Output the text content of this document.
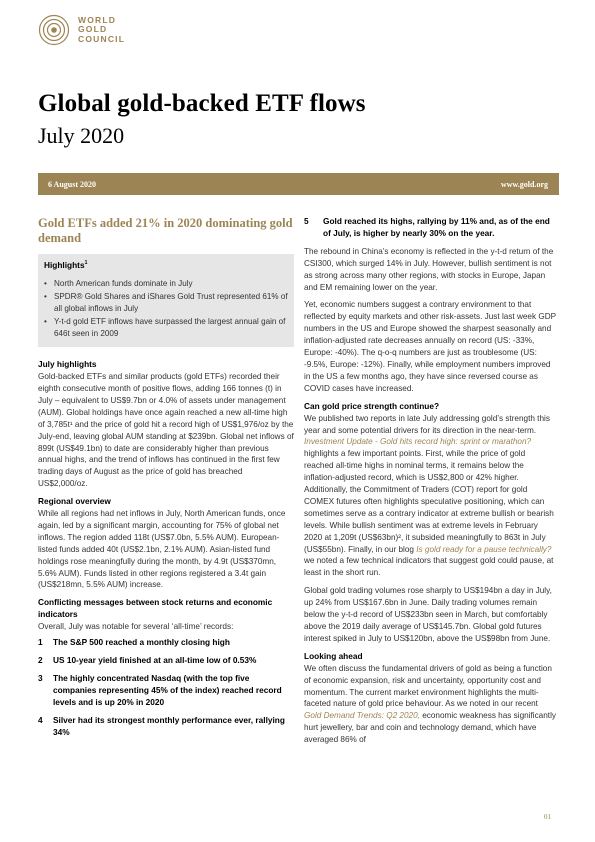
WORLD
GOLD
COUNCIL
Global gold-backed ETF flows
July 2020
6 August 2020	www.gold.org
Gold ETFs added 21% in 2020 dominating gold demand
Highlights$^1$
• North American funds dominate in July
• SPDR® Gold Shares and iShares Gold Trust represented 61% of all global inflows in July
• Y-t-d gold ETF inflows have surpassed the largest annual gain of 646t seen in 2009
July highlights

Gold-backed ETFs and similar products (gold ETFs) recorded their eighth consecutive month of positive flows, adding 166 tonnes (t) in July – equivalent to US$9.7bn or 4.0% of assets under management (AUM). Global holdings have once again reached a new all-time high of 3,785t¹ and the price of gold hit a record high of US$1,976/oz by the July-end, leaving global AUM standing at $239bn. Global net inflows of 899t (US$49.1bn) to date are considerably higher than previous annual highs, and the trend of inflows has continued in the first few trading days of August as the price of gold has breached US$2,000/oz.

Regional overview

While all regions had net inflows in July, North American funds, once again, led by a significant margin, accounting for 75% of global net inflows. The region added 118t (US$7.0bn, 5.5% AUM). European-listed funds added 40t (US$2.1bn, 2.1% AUM). Asian-listed fund holdings rose meaningfully during the month, by 4.9t (US$370mn, 5.6% AUM). Funds listed in other regions registered a 3.4t gain (US$218mn, 5.5% AUM) increase.

Conflicting messages between stock returns and economic indicators

Overall, July was notable for several ‘all-time’ records:

1 The S&P 500 reached a monthly closing high
2 US 10-year yield finished at an all-time low of 0.53%
3 The highly concentrated Nasdaq (with the top five companies representing 45% of the index) reached record levels and is up 20% in 2020
4 Silver had its strongest monthly performance ever, rallying 34%
5 Gold reached its highs, rallying by 11% and, as of the end of July, is higher by nearly 30% on the year.

The rebound in China’s economy is reflected in the y-t-d return of the CSI300, which surged 14% in July. However, bullish sentiment is not as strong across many other regions, with stocks in Europe, Japan and EM remaining lower on the year.

Yet, economic numbers suggest a contrary environment to that reflected by equity markets and other risk-assets. Just last week GDP numbers in the US and Europe showed the sharpest seasonally and inflation-adjusted rate decreases annually on record (US: -33%, Europe: -40%). The q-o-q numbers are just as troublesome (US: -9.5%, Europe: -12%). Finally, while employment numbers improved in the US a few months ago, they have since reversed course as COVID cases have increased.

Can gold price strength continue?

We published two reports in late July addressing gold’s strength this year and some potential drivers for its direction in the near-term. Investment Update - Gold hits record high: sprint or marathon? highlights a few important points. First, while the price of gold reached all-time highs in nominal terms, it remains below the inflation-adjusted record, which is US$2,800 or 42% higher. Additionally, the Commitment of Traders (COT) report for gold COMEX futures often highlights speculative positioning, which can sometimes serve as a contrary indicator at extreme bullish or bearish levels. While bullish sentiment was at extreme levels in February 2020 at 1,209t (US$63bn)², it subsided meaningfully to 863t in July (US$55bn). Finally, in our blog Is gold ready for a pause technically? we noted a few technical indicators that suggest gold could pause, at least in the short run.

Global gold trading volumes rose sharply to US$194bn a day in July, up 24% from US$167.6bn in June. Daily trading volumes remain below the y-t-d record of US$233bn seen in March, but comfortably above the 2019 daily average of US$145.7bn. Global gold futures interest spiked in July to US$120bn, above the US$98bn from June.

Looking ahead

We often discuss the fundamental drivers of gold as being a function of economic expansion, risk and uncertainty, opportunity cost and momentum. The current market environment highlights the multi-faceted nature of gold price behaviour. As we noted in our recent Gold Demand Trends: Q2 2020, economic weakness has significantly hurt jewellery, bar and coin and technology demand, which have averaged 86% of

01
